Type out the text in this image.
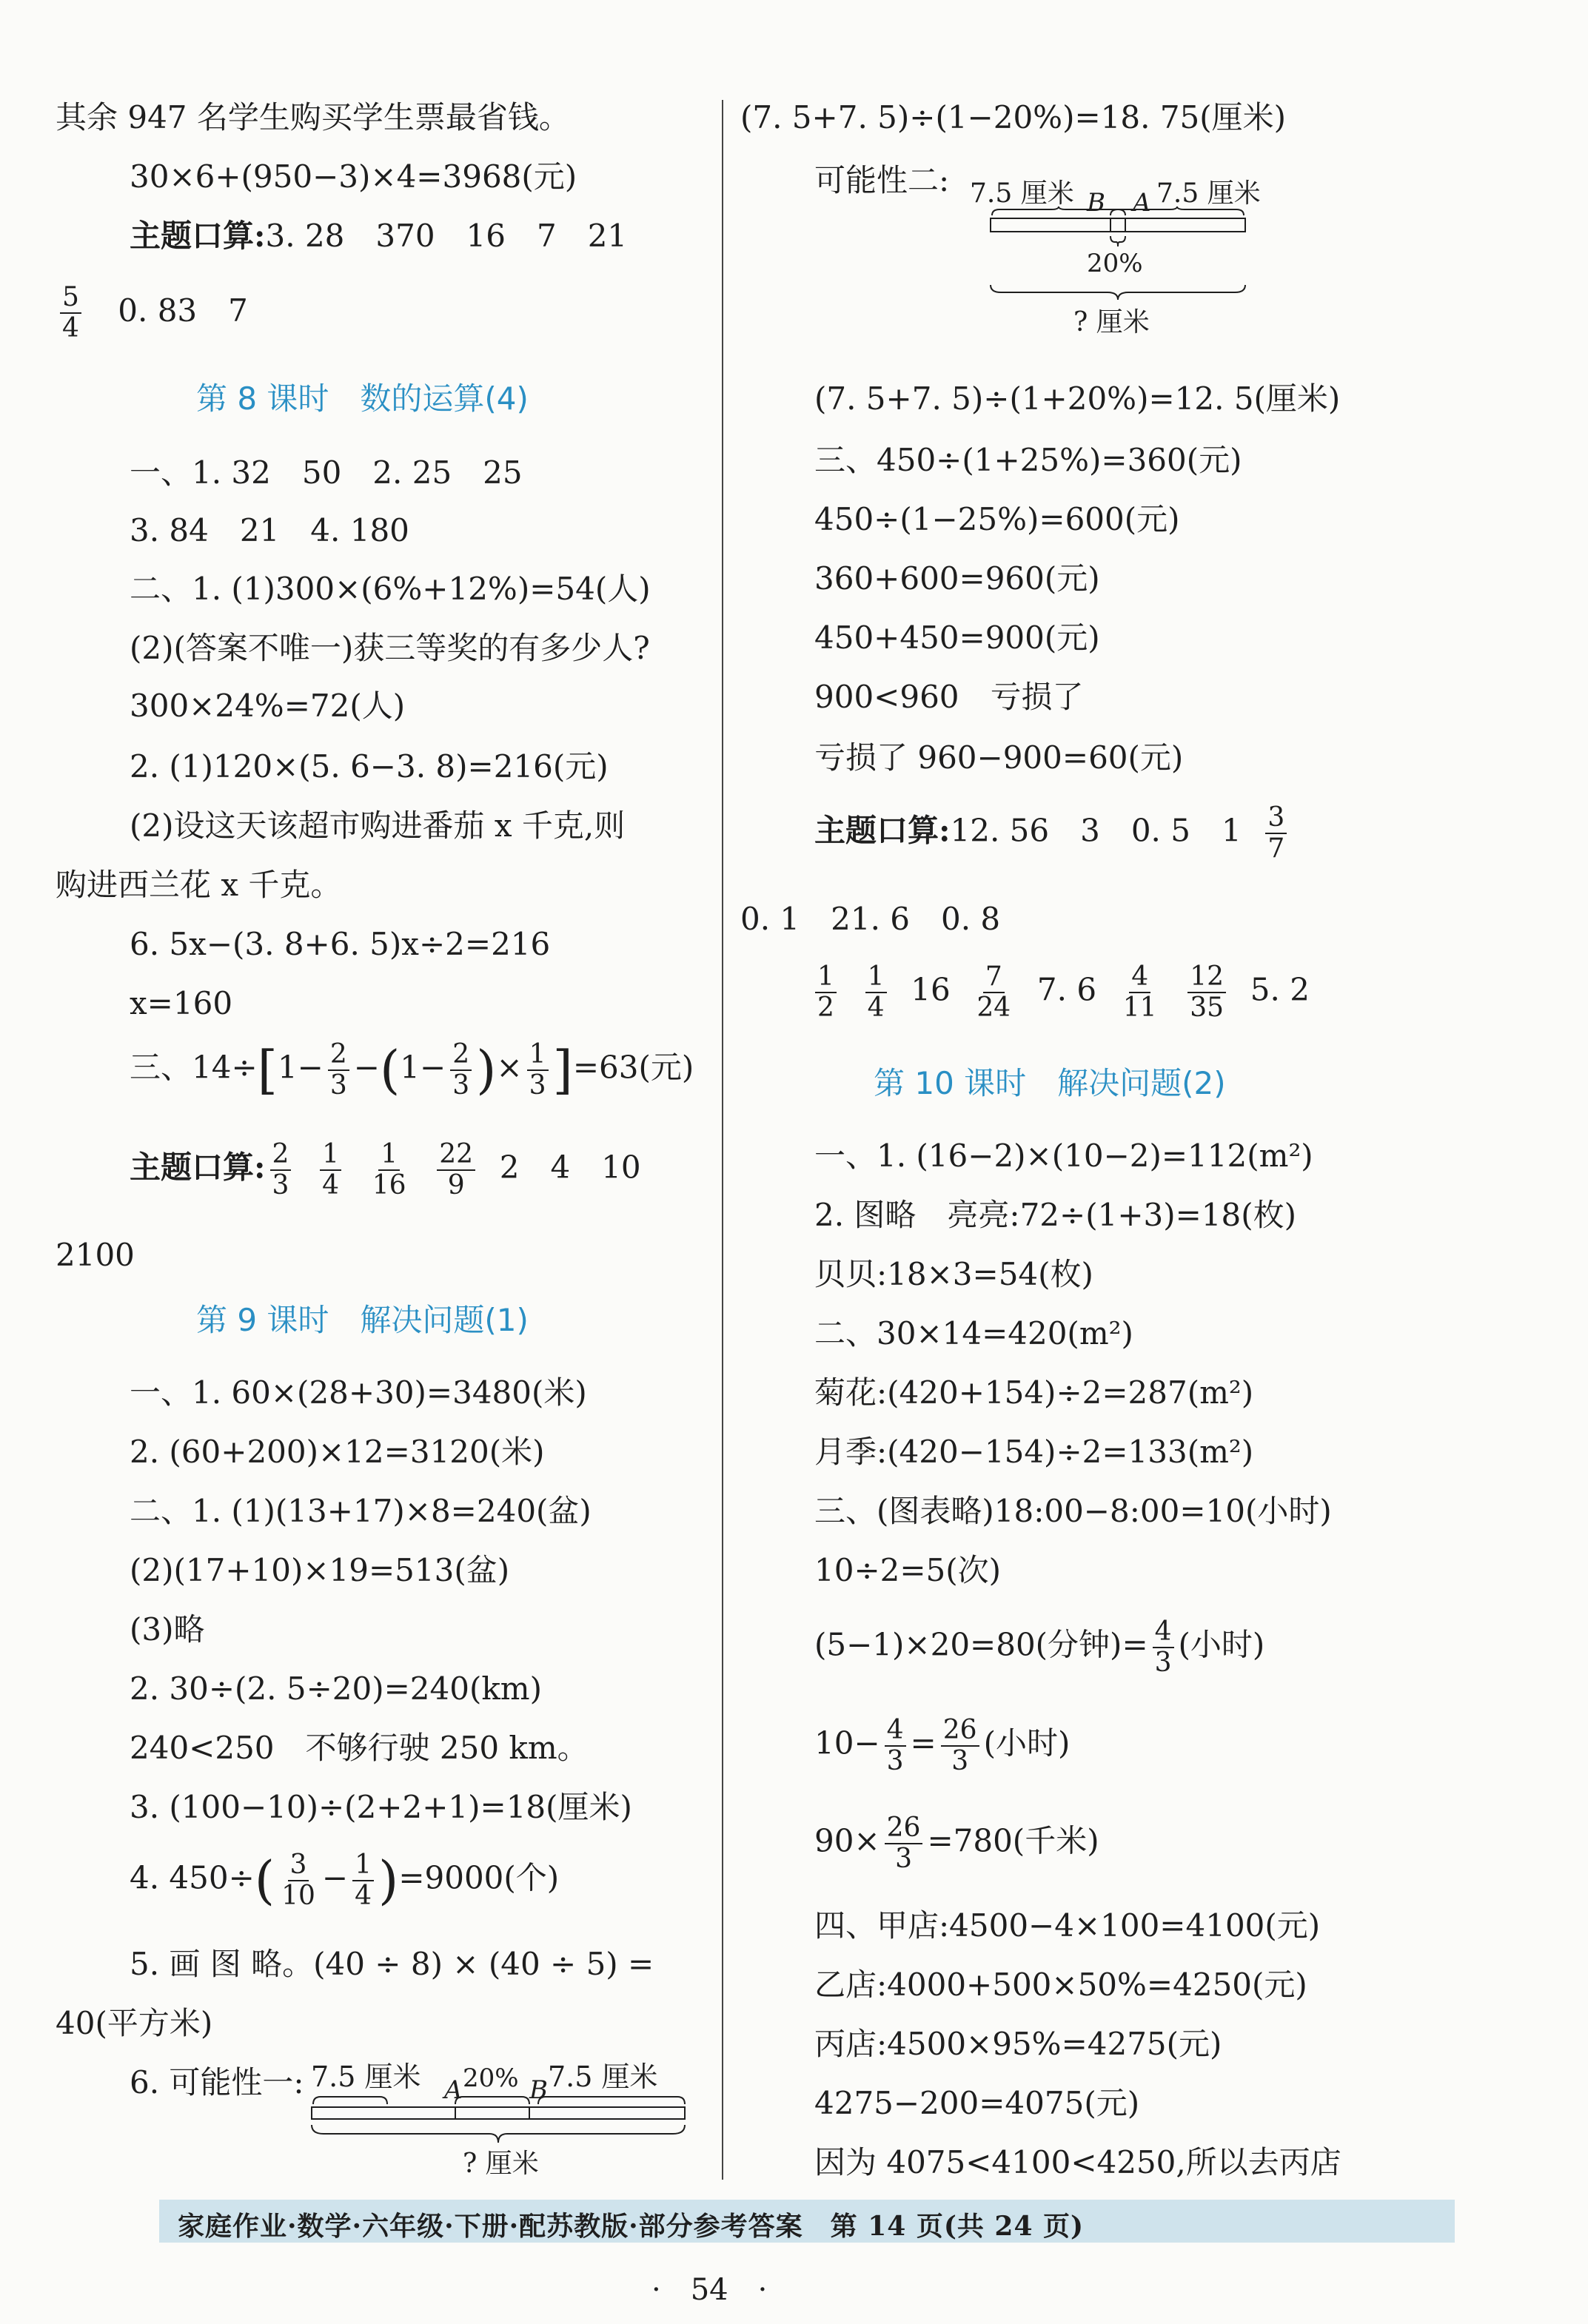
其余 947 名学生购买学生票最省钱。
30×6+(950−3)×4=3968(元)
主题口算:3. 28　370　16　7　21
$\frac{5}{4} 0$. 83　7
第 8 课时　数的运算(4)
一、1. 32　50　2. 25　25
3. 84　21　4. 180
二、1. (1)300×(6%+12%)=54(人)
(2)(答案不唯一)获三等奖的有多少人?
300×24%=72(人)
2. (1)120×(5. 6−3. 8)=216(元)
(2)设这天该超市购进番茄 x 千克,则
购进西兰花 x 千克。
6. 5x−(3. 8+6. 5)x÷2=216
x=160
三、$14\div[1- \frac{2}{3} -(1- \frac{2}{3}$ )× $\frac{1}{3} ]=63$(元)
主题口算: $\frac{2}{3}$
$\frac{1}{4}$
$\frac{1}{16}$
$\frac{22}{9} 2$　4　10
2100
第 9 课时　解决问题(1)
一、1. 60×(28+30)=3480(米)
2. (60+200)×12=3120(米)
二、1. (1)(13+17)×8=240(盆)
(2)(17+10)×19=513(盆)
(3)略
2. 30÷(2. 5÷20)=240(km)
240<250　不够行驶 250 km。
3. (100−10)÷(2+2+1)=18(厘米)
4. $450\div( \frac{3}{10} - \frac{1}{4} )=9000$(个)
5. 画 图 略。(40 ÷ 8) × (40 ÷ 5) =
40(平方米)
6. 可能性一: 7.5 厘米 A 20% B 7.5 厘米
? 厘米
(7. 5+7. 5)÷(1−20%)=18. 75(厘米)
可能性二: 7.5 厘米 B A 7.5 厘米
20%
? 厘米
(7. 5+7. 5)÷(1+20%)=12. 5(厘米)
三、450÷(1+25%)=360(元)
450÷(1−25%)=600(元)
360+600=960(元)
450+450=900(元)
900<960　亏损了
亏损了 960−900=60(元)
主题口算:12. 56　3　0. 5　$1 \frac{3}{7}$
0. 1　21. 6　0. 8
$\frac{1}{2}$
$\frac{1}{4} 16 \frac{7}{24} 7$. $6 \frac{4}{11}$
$\frac{12}{35} 5$. 2
第 10 课时　解决问题(2)
一、1. (16−2)×(10−2)=112(m²)
2. 图略　亮亮:72÷(1+3)=18(枚)
贝贝:18×3=54(枚)
二、30×14=420(m²)
菊花:(420+154)÷2=287(m²)
月季:(420−154)÷2=133(m²)
三、(图表略)18:00−8:00=10(小时)
10÷2=5(次)
(5−1)×20=80(分钟)= $\frac{4}{3}$ (小时)
$10- \frac{4}{3} = \frac{26}{3}$ (小时)
$90\times \frac{26}{3} =780$(千米)
四、甲店:4500−4×100=4100(元)
乙店:4000+500×50%=4250(元)
丙店:4500×95%=4275(元)
4275−200=4075(元)
因为 4075<4100<4250,所以去丙店
家庭作业·数学·六年级·下册·配苏教版·部分参考答案　第 14 页(共 24 页)
·　54　·
